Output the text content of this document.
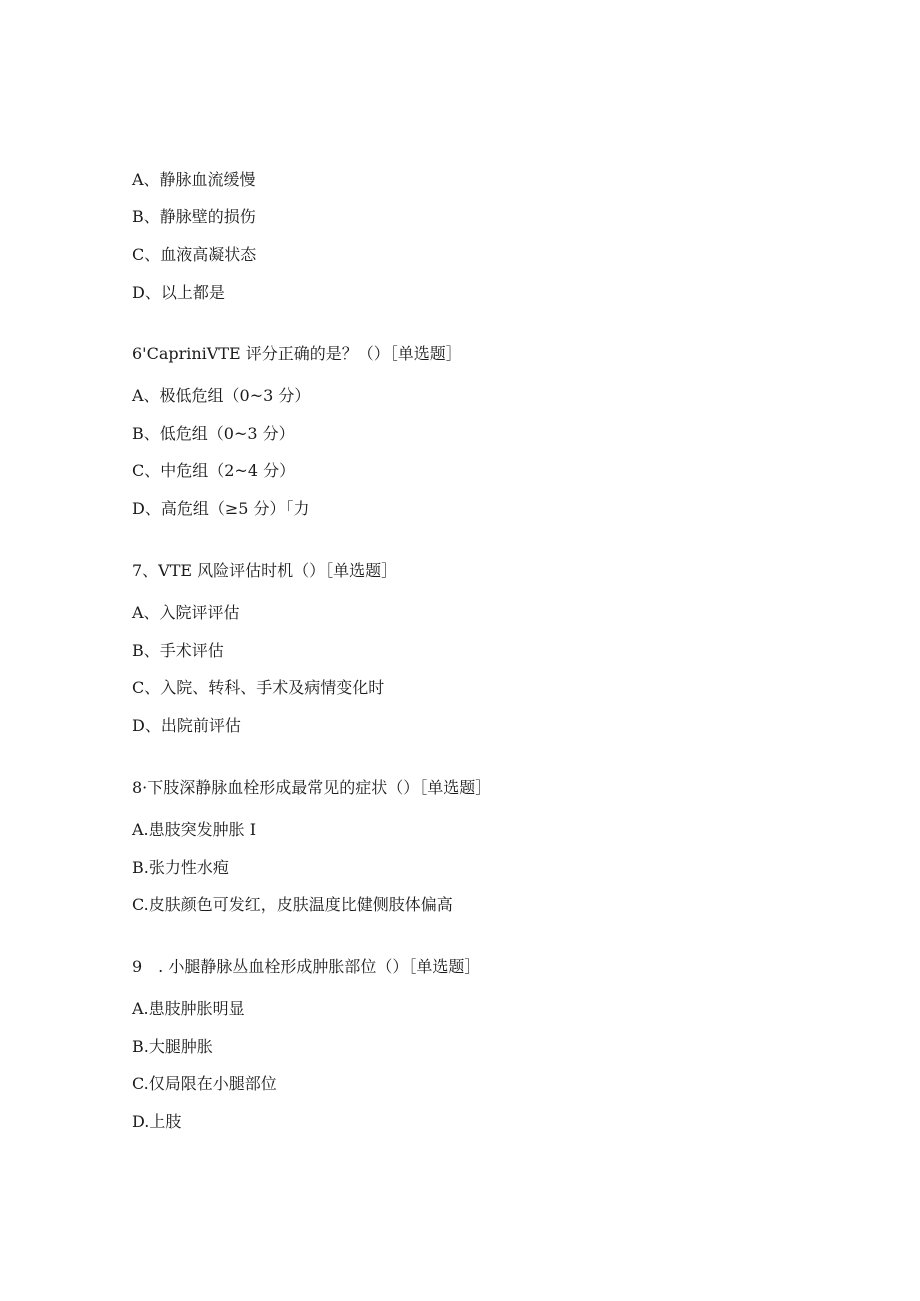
A、静脉血流缓慢
B、静脉壁的损伤
C、血液高凝状态
D、以上都是
6'CapriniVTE 评分正确的是？（）［单选题］
A、极低危组（0~3 分）
B、低危组（0~3 分）
C、中危组（2~4 分）
D、高危组（≥5 分）「力
7、VTE 风险评估时机（）［单选题］
A、入院评评估
B、手术评估
C、入院、转科、手术及病情变化时
D、出院前评估
8·下肢深静脉血栓形成最常见的症状（）［单选题］
A.患肢突发肿胀 I
B.张力性水疱
C.皮肤颜色可发红，皮肤温度比健侧肢体偏高
9　. 小腿静脉丛血栓形成肿胀部位（）［单选题］
A.患肢肿胀明显
B.大腿肿胀
C.仅局限在小腿部位
D.上肢
